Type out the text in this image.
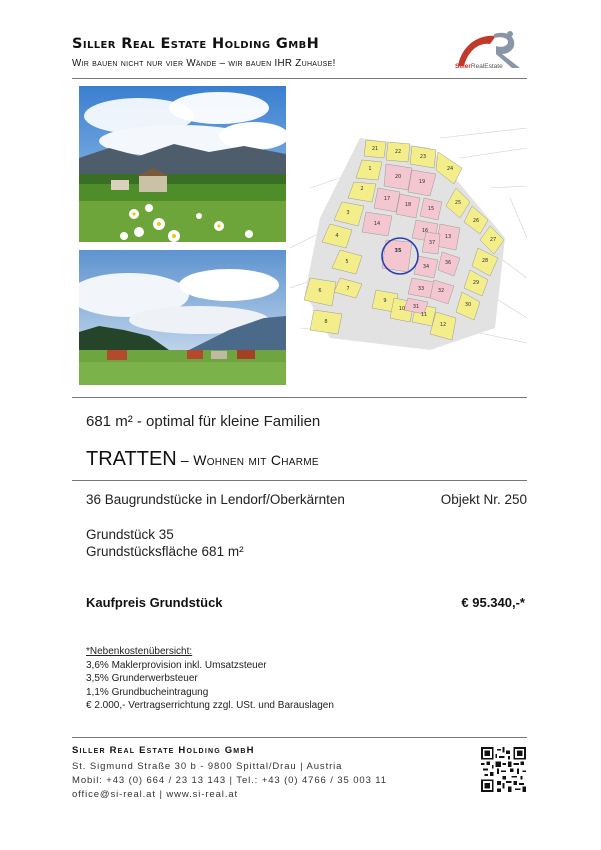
Siller Real Estate Holding GmbH
Wir bauen nicht nur vier Wände – wir bauen IHR Zuhause!	SillerRealEstate
21	22
23
24
1
2
25
3
26
27
4
28
5
29
6
30
7
8
9
10
11
12
20
19
15
17
18
16
14
13
35
37
36
34
33	32
31
681 m² - optimal für kleine Familien
TRATTEN – Wohnen mit Charme
36 Baugrundstücke in Lendorf/Oberkärnten	Objekt Nr. 250
Grundstück 35
Grundstücksfläche 681 m²
Kaufpreis Grundstück	€ 95.340,-*
*Nebenkostenübersicht:
3,6% Maklerprovision inkl. Umsatzsteuer
3,5% Grunderwerbsteuer
1,1% Grundbucheintragung
€ 2.000,- Vertragserrichtung zzgl. USt. und Barauslagen
Siller Real Estate Holding GmbH
St. Sigmund Straße 30 b - 9800 Spittal/Drau | Austria
Mobil: +43 (0) 664 / 23 13 143 | Tel.: +43 (0) 4766 / 35 003 11
office@si-real.at | www.si-real.at
